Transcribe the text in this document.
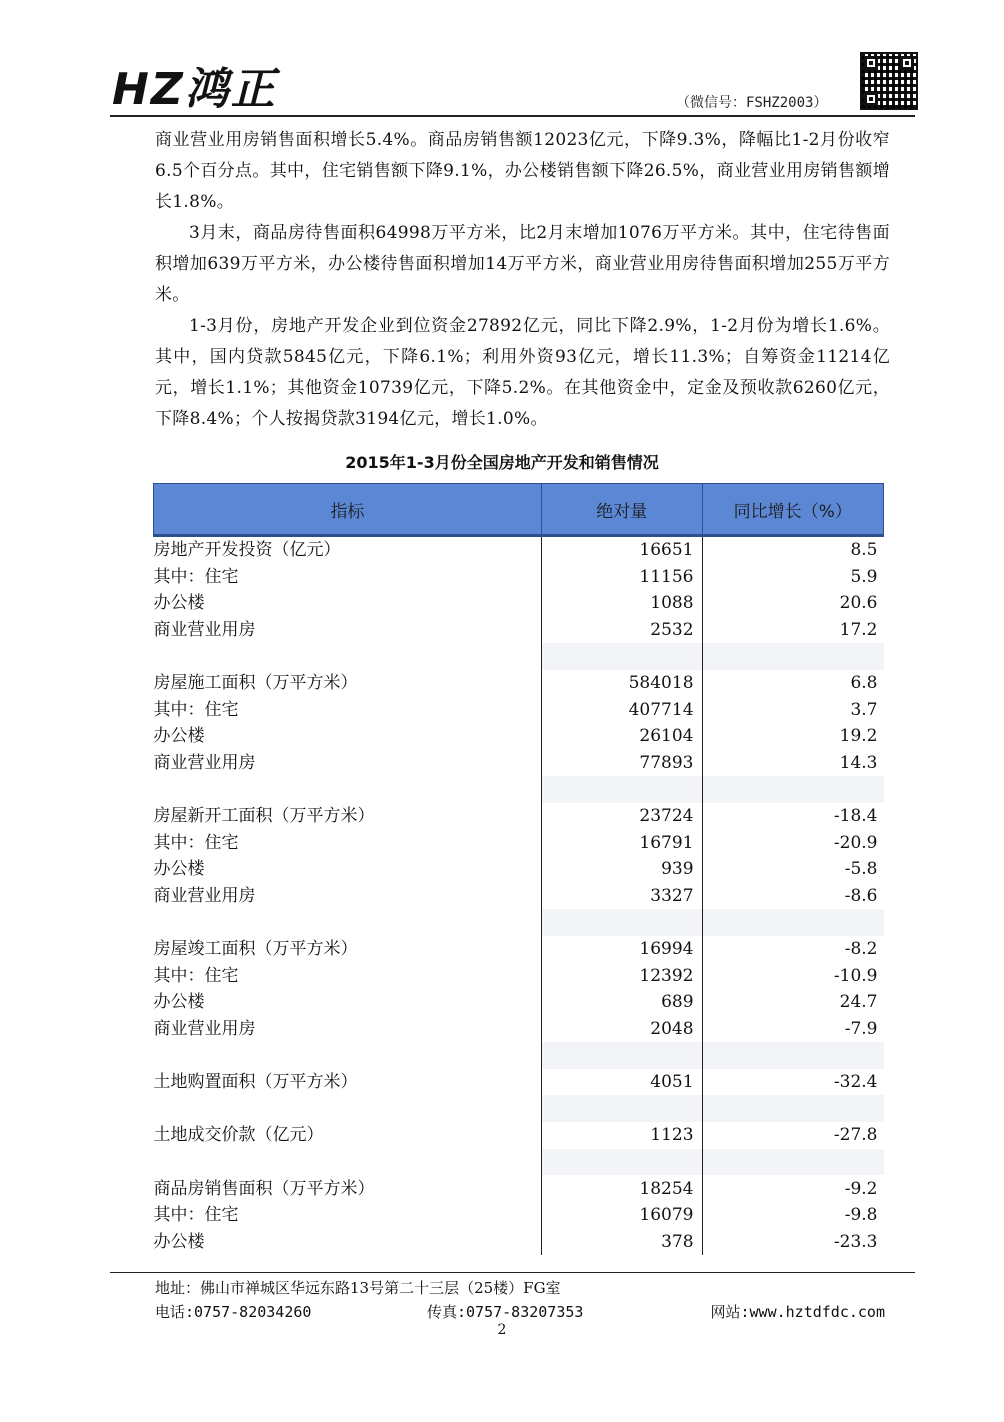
HZ鸿正	（微信号：FSHZ2003）

商业营业用房销售面积增长5.4%。商品房销售额12023亿元，下降9.3%，降幅比1-2月份收窄6.5个百分点。其中，住宅销售额下降9.1%，办公楼销售额下降26.5%，商业营业用房销售额增长1.8%。

3月末，商品房待售面积64998万平方米，比2月末增加1076万平方米。其中，住宅待售面积增加639万平方米，办公楼待售面积增加14万平方米，商业营业用房待售面积增加255万平方米。

1-3月份，房地产开发企业到位资金27892亿元，同比下降2.9%，1-2月份为增长1.6%。其中，国内贷款5845亿元，下降6.1%；利用外资93亿元，增长11.3%；自筹资金11214亿元，增长1.1%；其他资金10739亿元，下降5.2%。在其他资金中，定金及预收款6260亿元，下降8.4%；个人按揭贷款3194亿元，增长1.0%。

2015年1-3月份全国房地产开发和销售情况
指标	绝对量	同比增长（%）
房地产开发投资（亿元）	16651	8.5
其中：住宅	11156	5.9
办公楼	1088	20.6
商业营业用房	2532	17.2

房屋施工面积（万平方米）	584018	6.8
其中：住宅	407714	3.7
办公楼	26104	19.2
商业营业用房	77893	14.3

房屋新开工面积（万平方米）	23724	-18.4
其中：住宅	16791	-20.9
办公楼	939	-5.8
商业营业用房	3327	-8.6

房屋竣工面积（万平方米）	16994	-8.2
其中：住宅	12392	-10.9
办公楼	689	24.7
商业营业用房	2048	-7.9

土地购置面积（万平方米）	4051	-32.4

土地成交价款（亿元）	1123	-27.8

商品房销售面积（万平方米）	18254	-9.2
其中：住宅	16079	-9.8
办公楼	378	-23.3
地址：佛山市禅城区华远东路13号第二十三层（25楼）FG室
电话:0757-82034260	传真:0757-83207353	网站:www.hztdfdc.com
2
